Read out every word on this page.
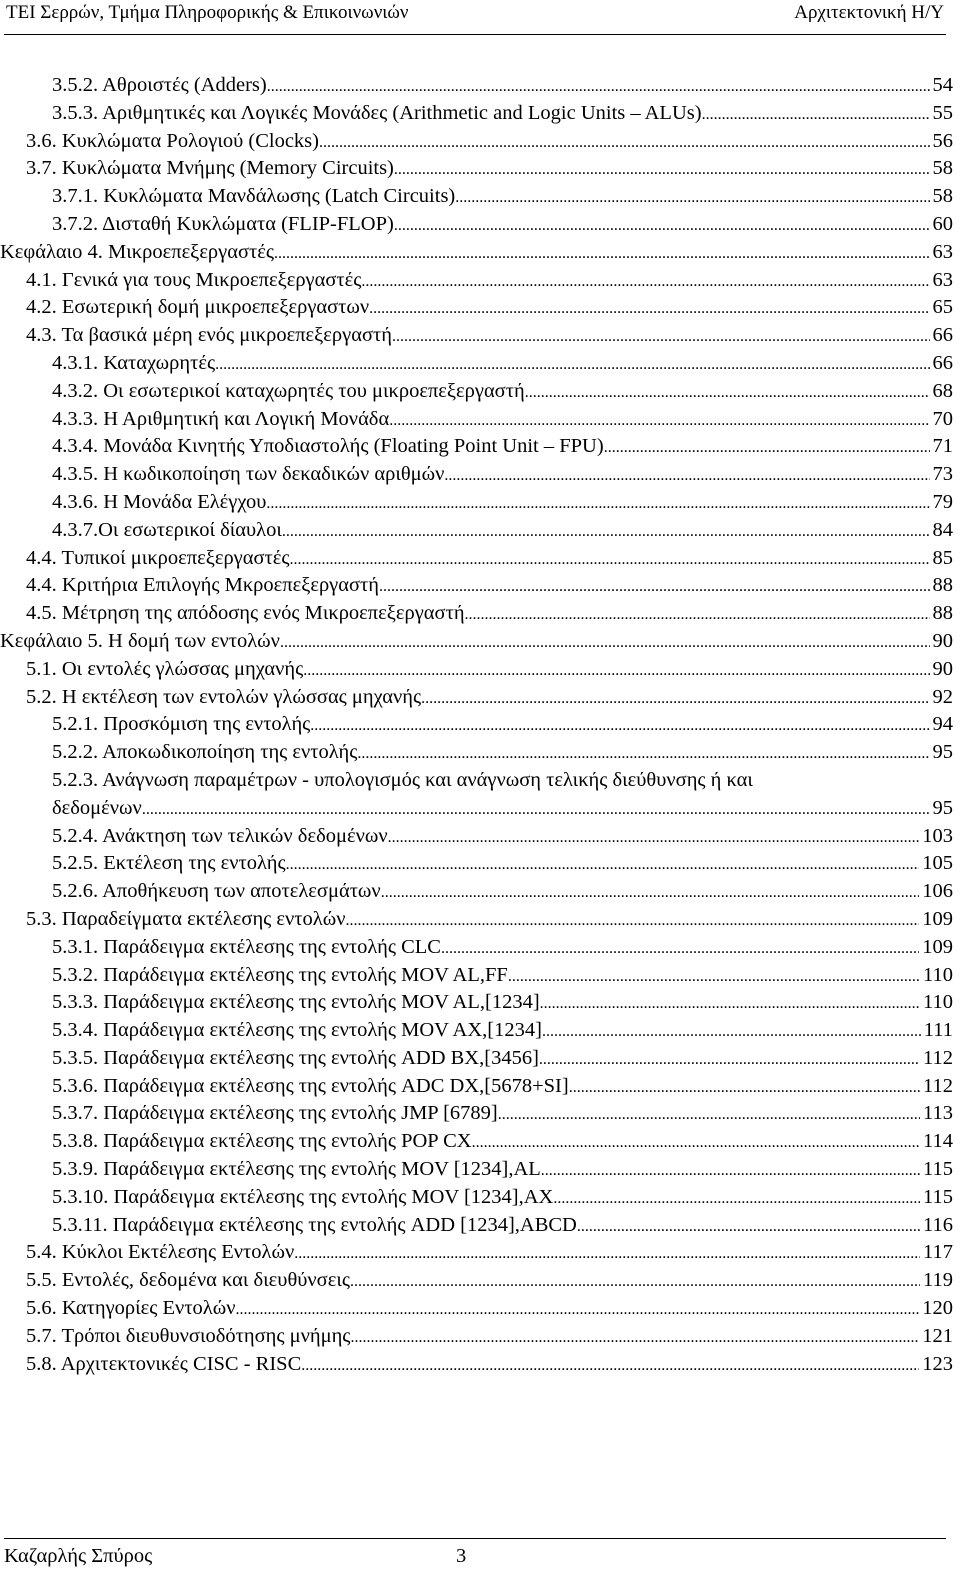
ΤΕΙ Σερρών, Τμήμα Πληροφορικής & Επικοινωνιών	Αρχιτεκτονική Η/Υ
3.5.2. Αθροιστές (Adders) .....	54
3.5.3. Αριθμητικές και Λογικές Μονάδες (Arithmetic and Logic Units – ALUs) .....	55
3.6. Κυκλώματα Ρολογιού (Clocks) .....	56
3.7. Κυκλώματα Μνήμης (Memory Circuits) .....	58
3.7.1. Κυκλώματα Μανδάλωσης (Latch Circuits) .....	58
3.7.2. Δισταθή Κυκλώματα (FLIP-FLOP) .....	60
Κεφάλαιο 4. Μικροεπεξεργαστές .....	63
4.1. Γενικά για τους Μικροεπεξεργαστές .....	63
4.2. Εσωτερική δομή μικροεπεξεργαστων .....	65
4.3. Τα βασικά μέρη ενός μικροεπεξεργαστή .....	66
4.3.1. Καταχωρητές .....	66
4.3.2. Οι εσωτερικοί καταχωρητές του μικροεπεξεργαστή .....	68
4.3.3. Η Αριθμητική και Λογική Μονάδα .....	70
4.3.4. Μονάδα Κινητής Υποδιαστολής (Floating Point Unit – FPU) .....	71
4.3.5. Η κωδικοποίηση των δεκαδικών αριθμών .....	73
4.3.6. Η Μονάδα Ελέγχου .....	79
4.3.7.Οι εσωτερικοί δίαυλοι .....	84
4.4. Τυπικοί μικροεπεξεργαστές .....	85
4.4. Κριτήρια Επιλογής Μκροεπεξεργαστή .....	88
4.5. Μέτρηση της απόδοσης ενός Μικροεπεξεργαστή .....	88
Κεφάλαιο 5. Η δομή των εντολών .....	90
5.1. Οι εντολές γλώσσας μηχανής .....	90
5.2. Η εκτέλεση των εντολών γλώσσας μηχανής .....	92
5.2.1. Προσκόμιση της εντολής .....	94
5.2.2. Αποκωδικοποίηση της εντολής .....	95
5.2.3. Ανάγνωση παραμέτρων - υπολογισμός και ανάγνωση τελικής διεύθυνσης ή και
δεδομένων .....	95
5.2.4. Ανάκτηση των τελικών δεδομένων .....	103
5.2.5. Εκτέλεση της εντολής .....	105
5.2.6. Αποθήκευση των αποτελεσμάτων .....	106
5.3. Παραδείγματα εκτέλεσης εντολών .....	109
5.3.1. Παράδειγμα εκτέλεσης της εντολής CLC .....	109
5.3.2. Παράδειγμα εκτέλεσης της εντολής MOV AL,FF .....	110
5.3.3. Παράδειγμα εκτέλεσης της εντολής MOV AL,[1234] .....	110
5.3.4. Παράδειγμα εκτέλεσης της εντολής MOV AX,[1234] .....	111
5.3.5. Παράδειγμα εκτέλεσης της εντολής ADD BX,[3456] .....	112
5.3.6. Παράδειγμα εκτέλεσης της εντολής ADC DX,[5678+SI] .....	112
5.3.7. Παράδειγμα εκτέλεσης της εντολής JMP [6789] .....	113
5.3.8. Παράδειγμα εκτέλεσης της εντολής POP CX .....	114
5.3.9. Παράδειγμα εκτέλεσης της εντολής MOV [1234],AL .....	115
5.3.10. Παράδειγμα εκτέλεσης της εντολής MOV [1234],AX .....	115
5.3.11. Παράδειγμα εκτέλεσης της εντολής ADD [1234],ABCD .....	116
5.4. Κύκλοι Εκτέλεσης Εντολών .....	117
5.5. Εντολές, δεδομένα και διευθύνσεις .....	119
5.6. Κατηγορίες Εντολών .....	120
5.7. Τρόποι διευθυνσιοδότησης μνήμης .....	121
5.8. Αρχιτεκτονικές CISC - RISC .....	123
Καζαρλής Σπύρος	3
